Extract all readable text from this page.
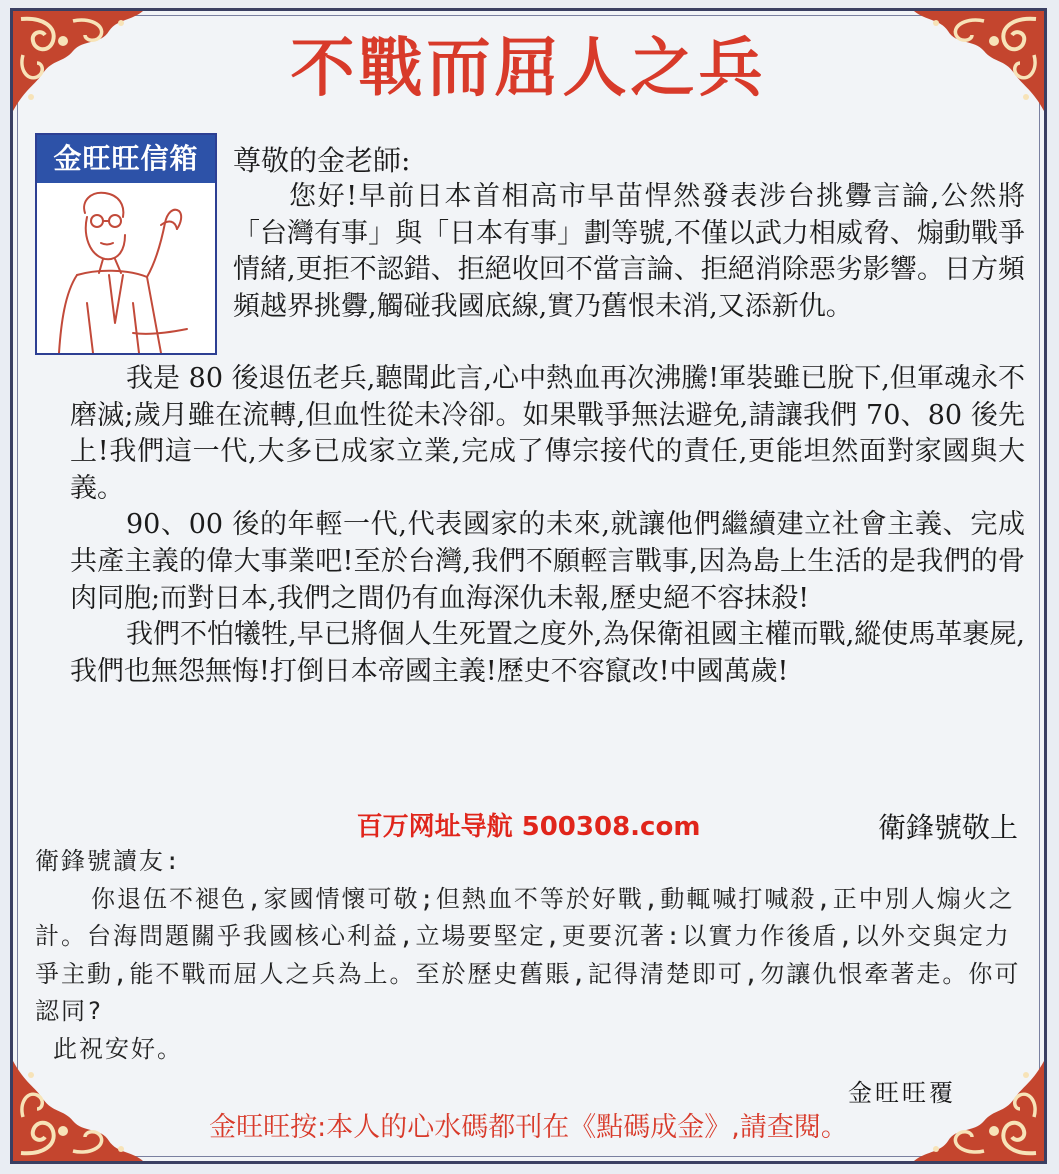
不戰而屈人之兵
金旺旺信箱	尊敬的金老師:

您好!早前日本首相高市早苗悍然發表涉台挑釁言論,公然將「台灣有事」與「日本有事」劃等號,不僅以武力相威脅、煽動戰爭情緒,更拒不認錯、拒絕收回不當言論、拒絕消除惡劣影響。日方頻頻越界挑釁,觸碰我國底線,實乃舊恨未消,又添新仇。

我是 80 後退伍老兵,聽聞此言,心中熱血再次沸騰!軍裝雖已脫下,但軍魂永不磨滅;歲月雖在流轉,但血性從未冷卻。如果戰爭無法避免,請讓我們 70、80 後先上!我們這一代,大多已成家立業,完成了傳宗接代的責任,更能坦然面對家國與大義。

90、00 後的年輕一代,代表國家的未來,就讓他們繼續建立社會主義、完成共產主義的偉大事業吧!至於台灣,我們不願輕言戰事,因為島上生活的是我們的骨肉同胞;而對日本,我們之間仍有血海深仇未報,歷史絕不容抹殺!

我們不怕犧牲,早已將個人生死置之度外,為保衛祖國主權而戰,縱使馬革裹屍,我們也無怨無悔!打倒日本帝國主義!歷史不容竄改!中國萬歲!

百万网址导航 500308.com	衛鋒號敬上

衛鋒號讀友:

你退伍不褪色,家國情懷可敬;但熱血不等於好戰,動輒喊打喊殺,正中別人煽火之計。台海問題關乎我國核心利益,立場要堅定,更要沉著:以實力作後盾,以外交與定力爭主動,能不戰而屈人之兵為上。至於歷史舊賬,記得清楚即可,勿讓仇恨牽著走。你可認同?

此祝安好。

金旺旺覆
金旺旺按:本人的心水碼都刊在《點碼成金》,請查閱。
